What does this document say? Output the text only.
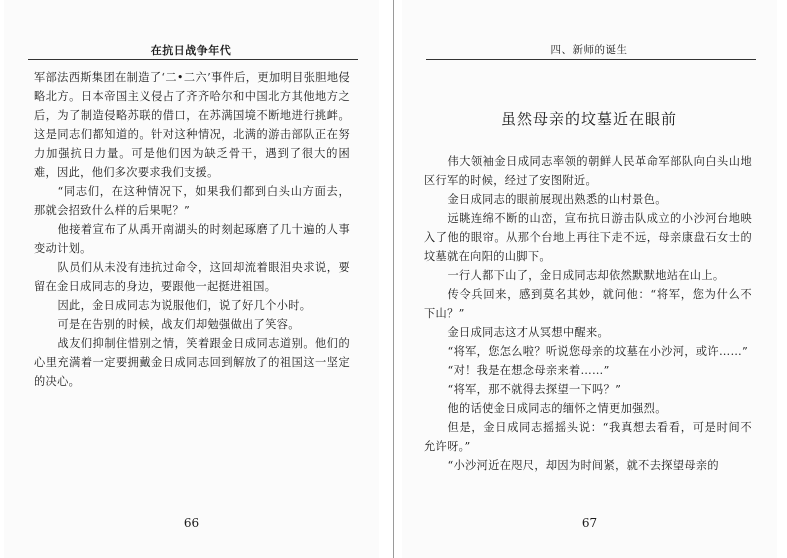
在抗日战争年代

军部法西斯集团在制造了‘二•二六’事件后，更加明目张胆地侵略北方。日本帝国主义侵占了齐齐哈尔和中国北方其他地方之后，为了制造侵略苏联的借口，在苏满国境不断地进行挑衅。这是同志们都知道的。针对这种情况，北满的游击部队正在努力加强抗日力量。可是他们因为缺乏骨干，遇到了很大的困难，因此，他们多次要求我们支援。

“同志们，在这种情况下，如果我们都到白头山方面去，那就会招致什么样的后果呢？”

他接着宣布了从禹开南湖头的时刻起琢磨了几十遍的人事变动计划。

队员们从未没有违抗过命令，这回却流着眼泪央求说，要留在金日成同志的身边，要跟他一起挺进祖国。

因此，金日成同志为说服他们，说了好几个小时。

可是在告别的时候，战友们却勉强做出了笑容。

战友们抑制住惜别之情，笑着跟金日成同志道别。他们的心里充满着一定要拥戴金日成同志回到解放了的祖国这一坚定的决心。

66
四、新师的诞生
虽然母亲的坟墓近在眼前

伟大领袖金日成同志率领的朝鲜人民革命军部队向白头山地区行军的时候，经过了安图附近。

金日成同志的眼前展现出熟悉的山村景色。

远眺连绵不断的山峦，宣布抗日游击队成立的小沙河台地映入了他的眼帘。从那个台地上再往下走不远，母亲康盘石女士的坟墓就在向阳的山脚下。

一行人都下山了，金日成同志却依然默默地站在山上。

传令兵回来，感到莫名其妙，就问他：“将军，您为什么不下山？”

金日成同志这才从冥想中醒来。

“将军，您怎么啦？听说您母亲的坟墓在小沙河，或许……”

“对！我是在想念母亲来着……”

“将军，那不就得去探望一下吗？”

他的话使金日成同志的缅怀之情更加强烈。

但是，金日成同志摇摇头说：“我真想去看看，可是时间不允许呀。”

“小沙河近在咫尺，却因为时间紧，就不去探望母亲的

67
